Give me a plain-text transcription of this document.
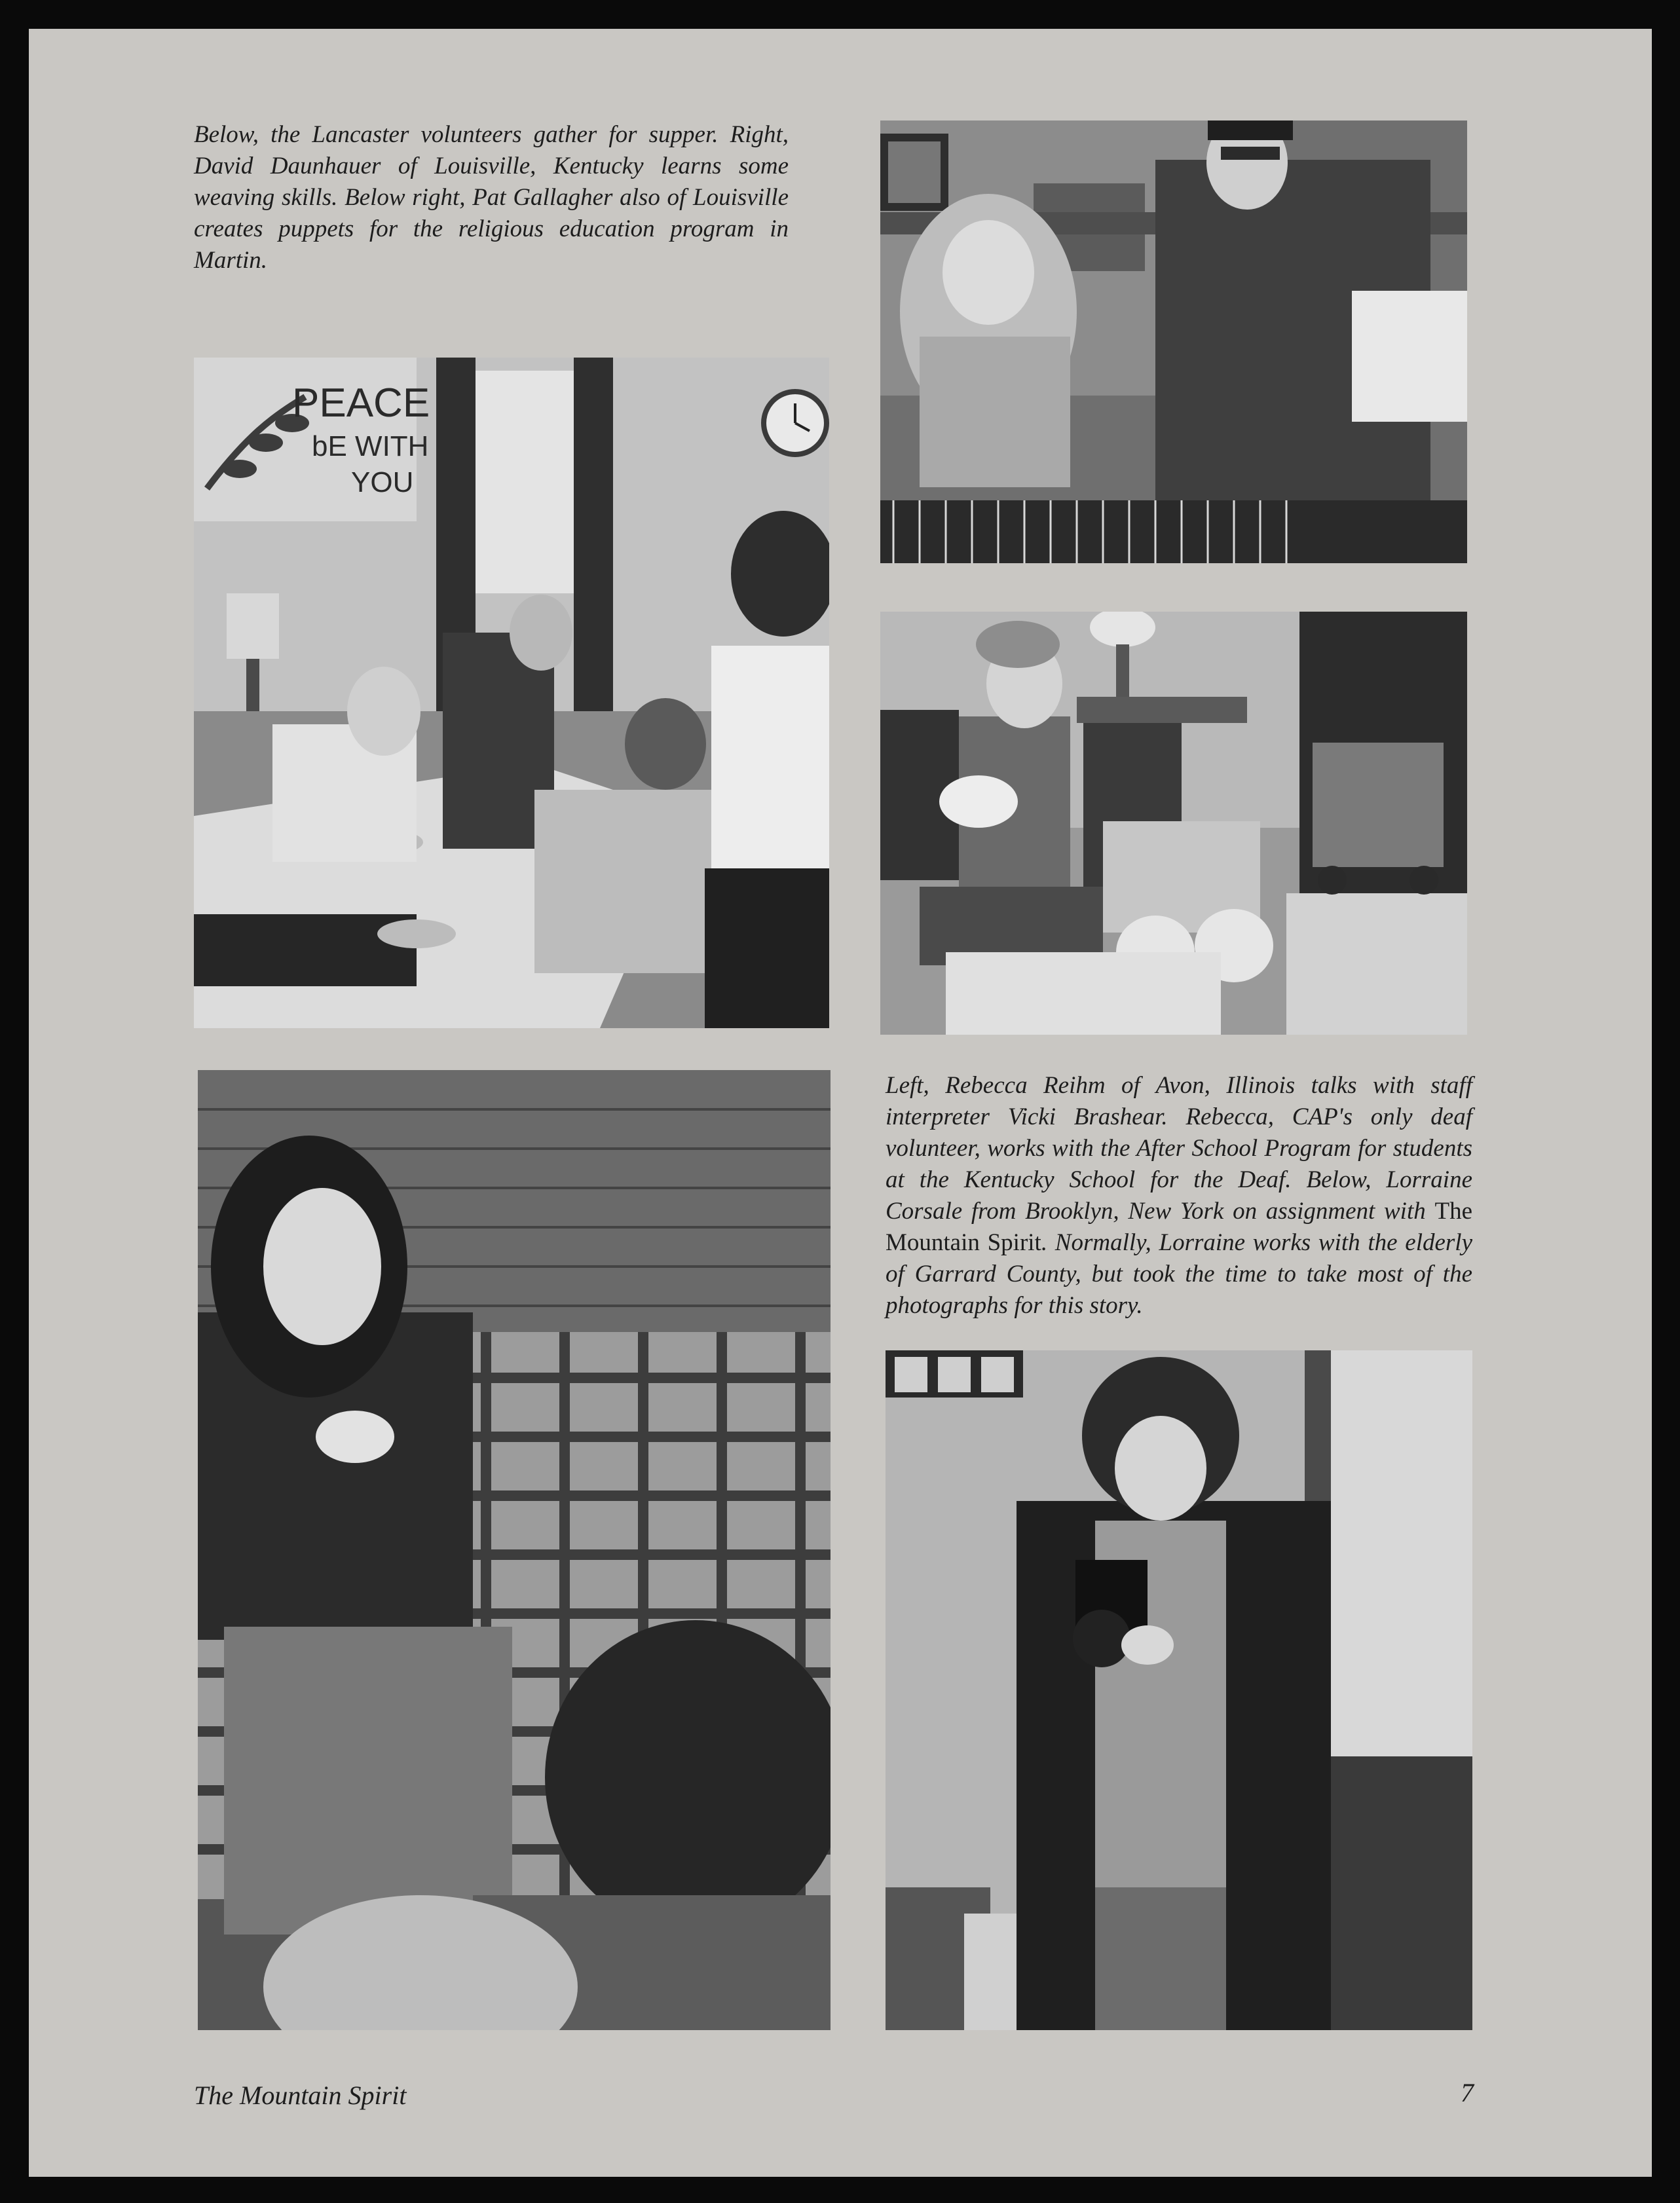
Below, the Lancaster volunteers gather for supper. Right, David Daunhauer of Louisville, Kentucky learns some weaving skills. Below right, Pat Gallagher also of Louisville creates puppets for the religious education program in Martin.

PEACE
bE WITH
YOU

Left, Rebecca Reihm of Avon, Illinois talks with staff interpreter Vicki Brashear. Rebecca, CAP's only deaf volunteer, works with the After School Program for students at the Kentucky School for the Deaf. Below, Lorraine Corsale from Brooklyn, New York on assignment with The Mountain Spirit. Normally, Lorraine works with the elderly of Garrard County, but took the time to take most of the photographs for this story.

The Mountain Spirit	7
